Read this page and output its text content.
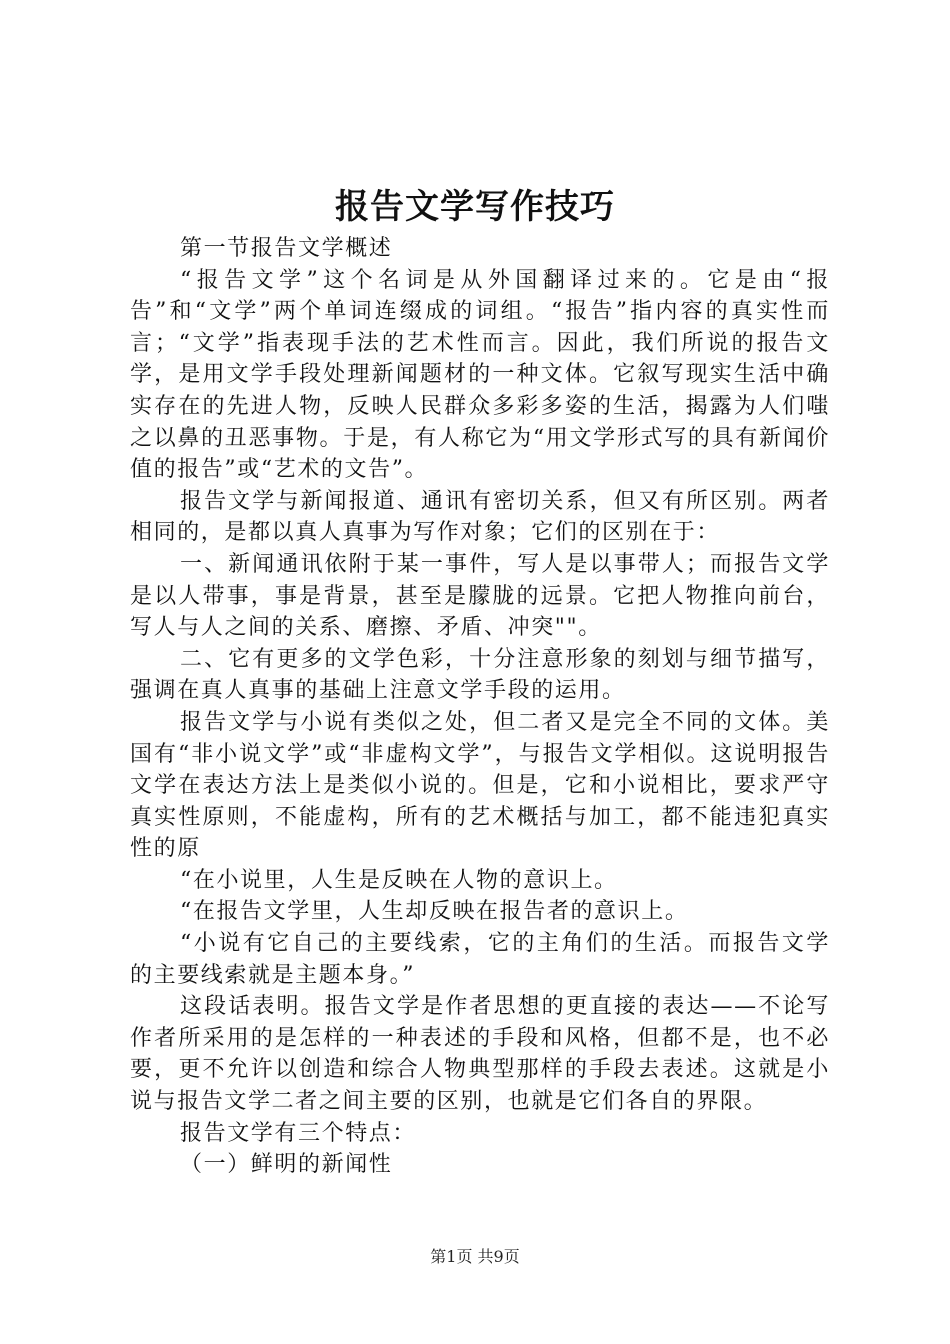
报告文学写作技巧

第一节报告文学概述

“报告文学”这个名词是从外国翻译过来的。它是由“报告”和“文学”两个单词连缀成的词组。“报告”指内容的真实性而言；“文学”指表现手法的艺术性而言。因此，我们所说的报告文学，是用文学手段处理新闻题材的一种文体。它叙写现实生活中确实存在的先进人物，反映人民群众多彩多姿的生活，揭露为人们嗤之以鼻的丑恶事物。于是，有人称它为“用文学形式写的具有新闻价值的报告”或“艺术的文告”。

报告文学与新闻报道、通讯有密切关系，但又有所区别。两者相同的，是都以真人真事为写作对象；它们的区别在于：

一、新闻通讯依附于某一事件，写人是以事带人；而报告文学是以人带事，事是背景，甚至是朦胧的远景。它把人物推向前台，写人与人之间的关系、磨擦、矛盾、冲突""。

二、它有更多的文学色彩，十分注意形象的刻划与细节描写，强调在真人真事的基础上注意文学手段的运用。

报告文学与小说有类似之处，但二者又是完全不同的文体。美国有“非小说文学”或“非虚构文学”，与报告文学相似。这说明报告文学在表达方法上是类似小说的。但是，它和小说相比，要求严守真实性原则，不能虚构，所有的艺术概括与加工，都不能违犯真实性的原

“在小说里，人生是反映在人物的意识上。

“在报告文学里，人生却反映在报告者的意识上。

“小说有它自己的主要线索，它的主角们的生活。而报告文学的主要线索就是主题本身。”

这段话表明。报告文学是作者思想的更直接的表达——不论写作者所采用的是怎样的一种表述的手段和风格，但都不是，也不必要，更不允许以创造和综合人物典型那样的手段去表述。这就是小说与报告文学二者之间主要的区别，也就是它们各自的界限。

报告文学有三个特点：

（一）鲜明的新闻性

第1页 共9页
